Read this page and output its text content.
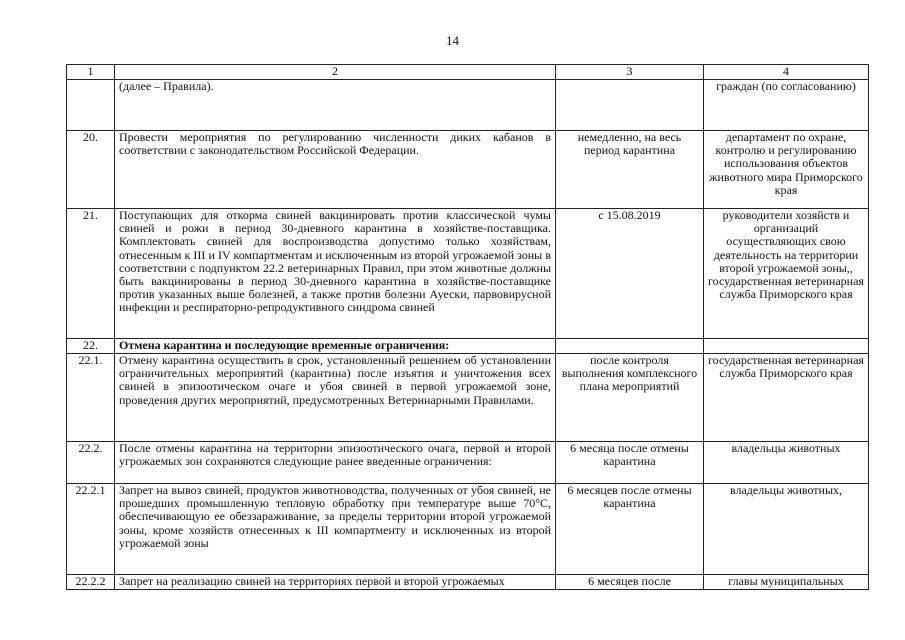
14
1	2	3	4
	(далее – Правила).		граждан (по согласованию)
20.	Провести мероприятия по регулированию численности диких кабанов в соответствии с законодательством Российской Федерации.	немедленно, на весь период карантина	департамент по охране, контролю и регулированию использования объектов животного мира Приморского края
21.	Поступающих для откорма свиней вакцинировать против классической чумы свиней и рожи в период 30-дневного карантина в хозяйстве-поставщика. Комплектовать свиней для воспроизводства допустимо только хозяйствам, отнесенным к III и IV компартментам и исключенным из второй угрожаемой зоны в соответствии с подпунктом 22.2 ветеринарных Правил, при этом животные должны быть вакцинированы в период 30-дневного карантина в хозяйстве-поставщике против указанных выше болезней, а также против болезни Ауески, парвовирусной инфекции и респираторно-репродуктивного синдрома свиней	с 15.08.2019	руководители хозяйств и организаций осуществляющих свою деятельность на территории второй угрожаемой зоны,, государственная ветеринарная служба Приморского края
22.	Отмена карантина и последующие временные ограничения:		
22.1.	Отмену карантина осуществить в срок, установленный решением об установлении ограничительных мероприятий (карантина) после изъятия и уничтожения всех свиней в эпизоотическом очаге и убоя свиней в первой угрожаемой зоне, проведения других мероприятий, предусмотренных Ветеринарными Правилами.	после контроля выполнения комплексного плана мероприятий	государственная ветеринарная служба Приморского края
22.2.	После отмены карантина на территории эпизоотического очага, первой и второй угрожаемых зон сохраняются следующие ранее введенные ограничения:	6 месяца после отмены карантина	владельцы животных
22.2.1	Запрет на вывоз свиней, продуктов животноводства, полученных от убоя свиней, не прошедших промышленную тепловую обработку при температуре выше 70°С, обеспечивающую ее обеззараживание, за пределы территории второй угрожаемой зоны, кроме хозяйств отнесенных к III компартменту и исключенных из второй угрожаемой зоны	6 месяцев после отмены карантина	владельцы животных,
22.2.2	Запрет на реализацию свиней на территориях первой и второй угрожаемых	6 месяцев после	главы муниципальных
